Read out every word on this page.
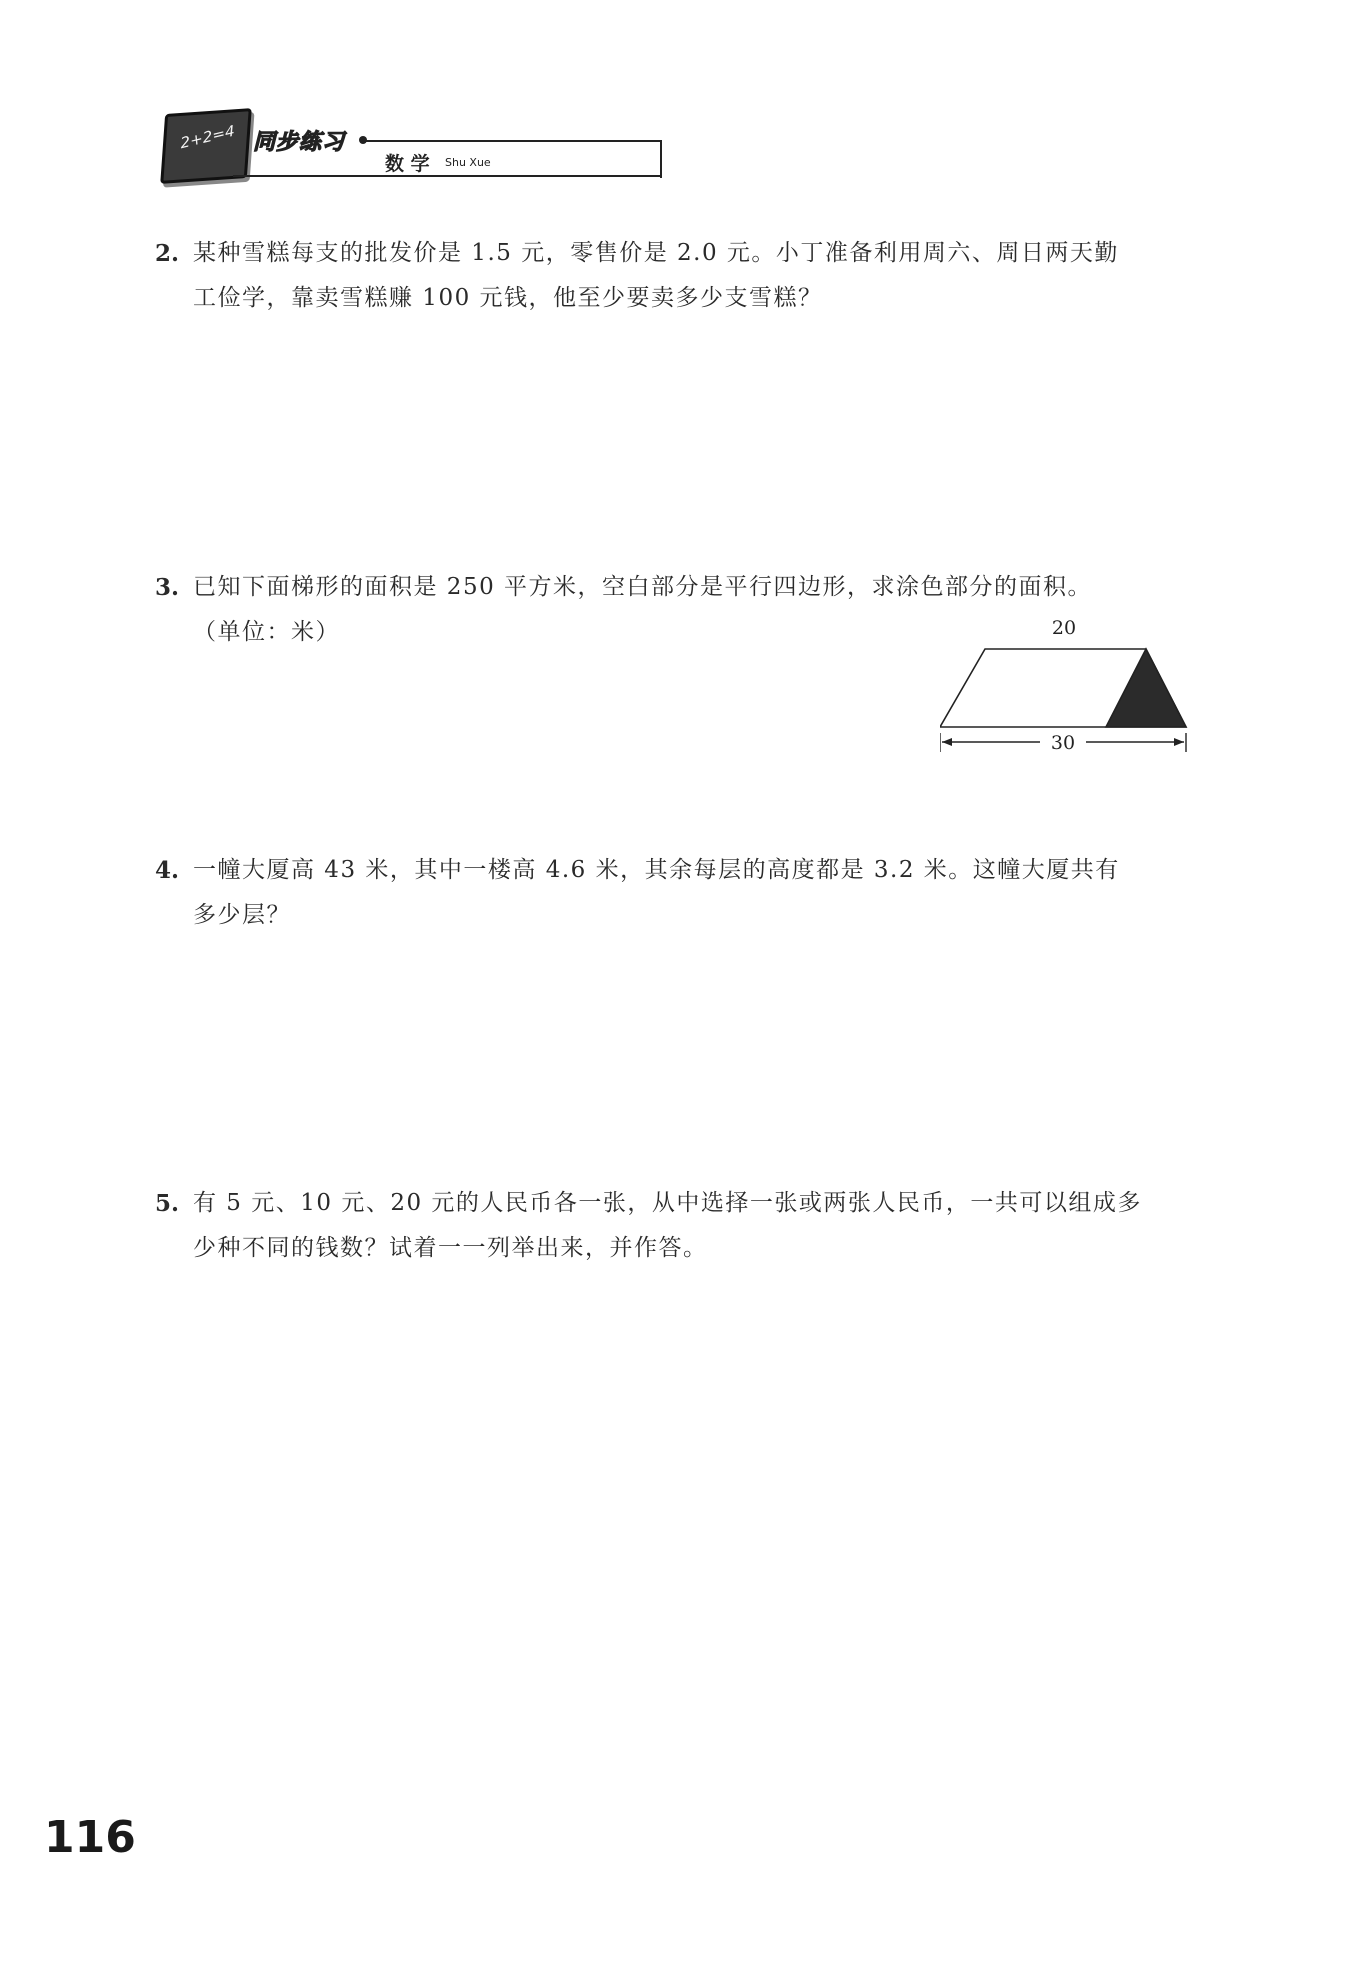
2+2=4 同步练习
数 学 Shu Xue
2. 某种雪糕每支的批发价是 1.5 元，零售价是 2.0 元。小丁准备利用周六、周日两天勤
工俭学，靠卖雪糕赚 100 元钱，他至少要卖多少支雪糕？
3. 已知下面梯形的面积是 250 平方米，空白部分是平行四边形，求涂色部分的面积。
（单位：米）	20
30
4. 一幢大厦高 43 米，其中一楼高 4.6 米，其余每层的高度都是 3.2 米。这幢大厦共有
多少层？
5. 有 5 元、10 元、20 元的人民币各一张，从中选择一张或两张人民币，一共可以组成多
少种不同的钱数？试着一一列举出来，并作答。
116
